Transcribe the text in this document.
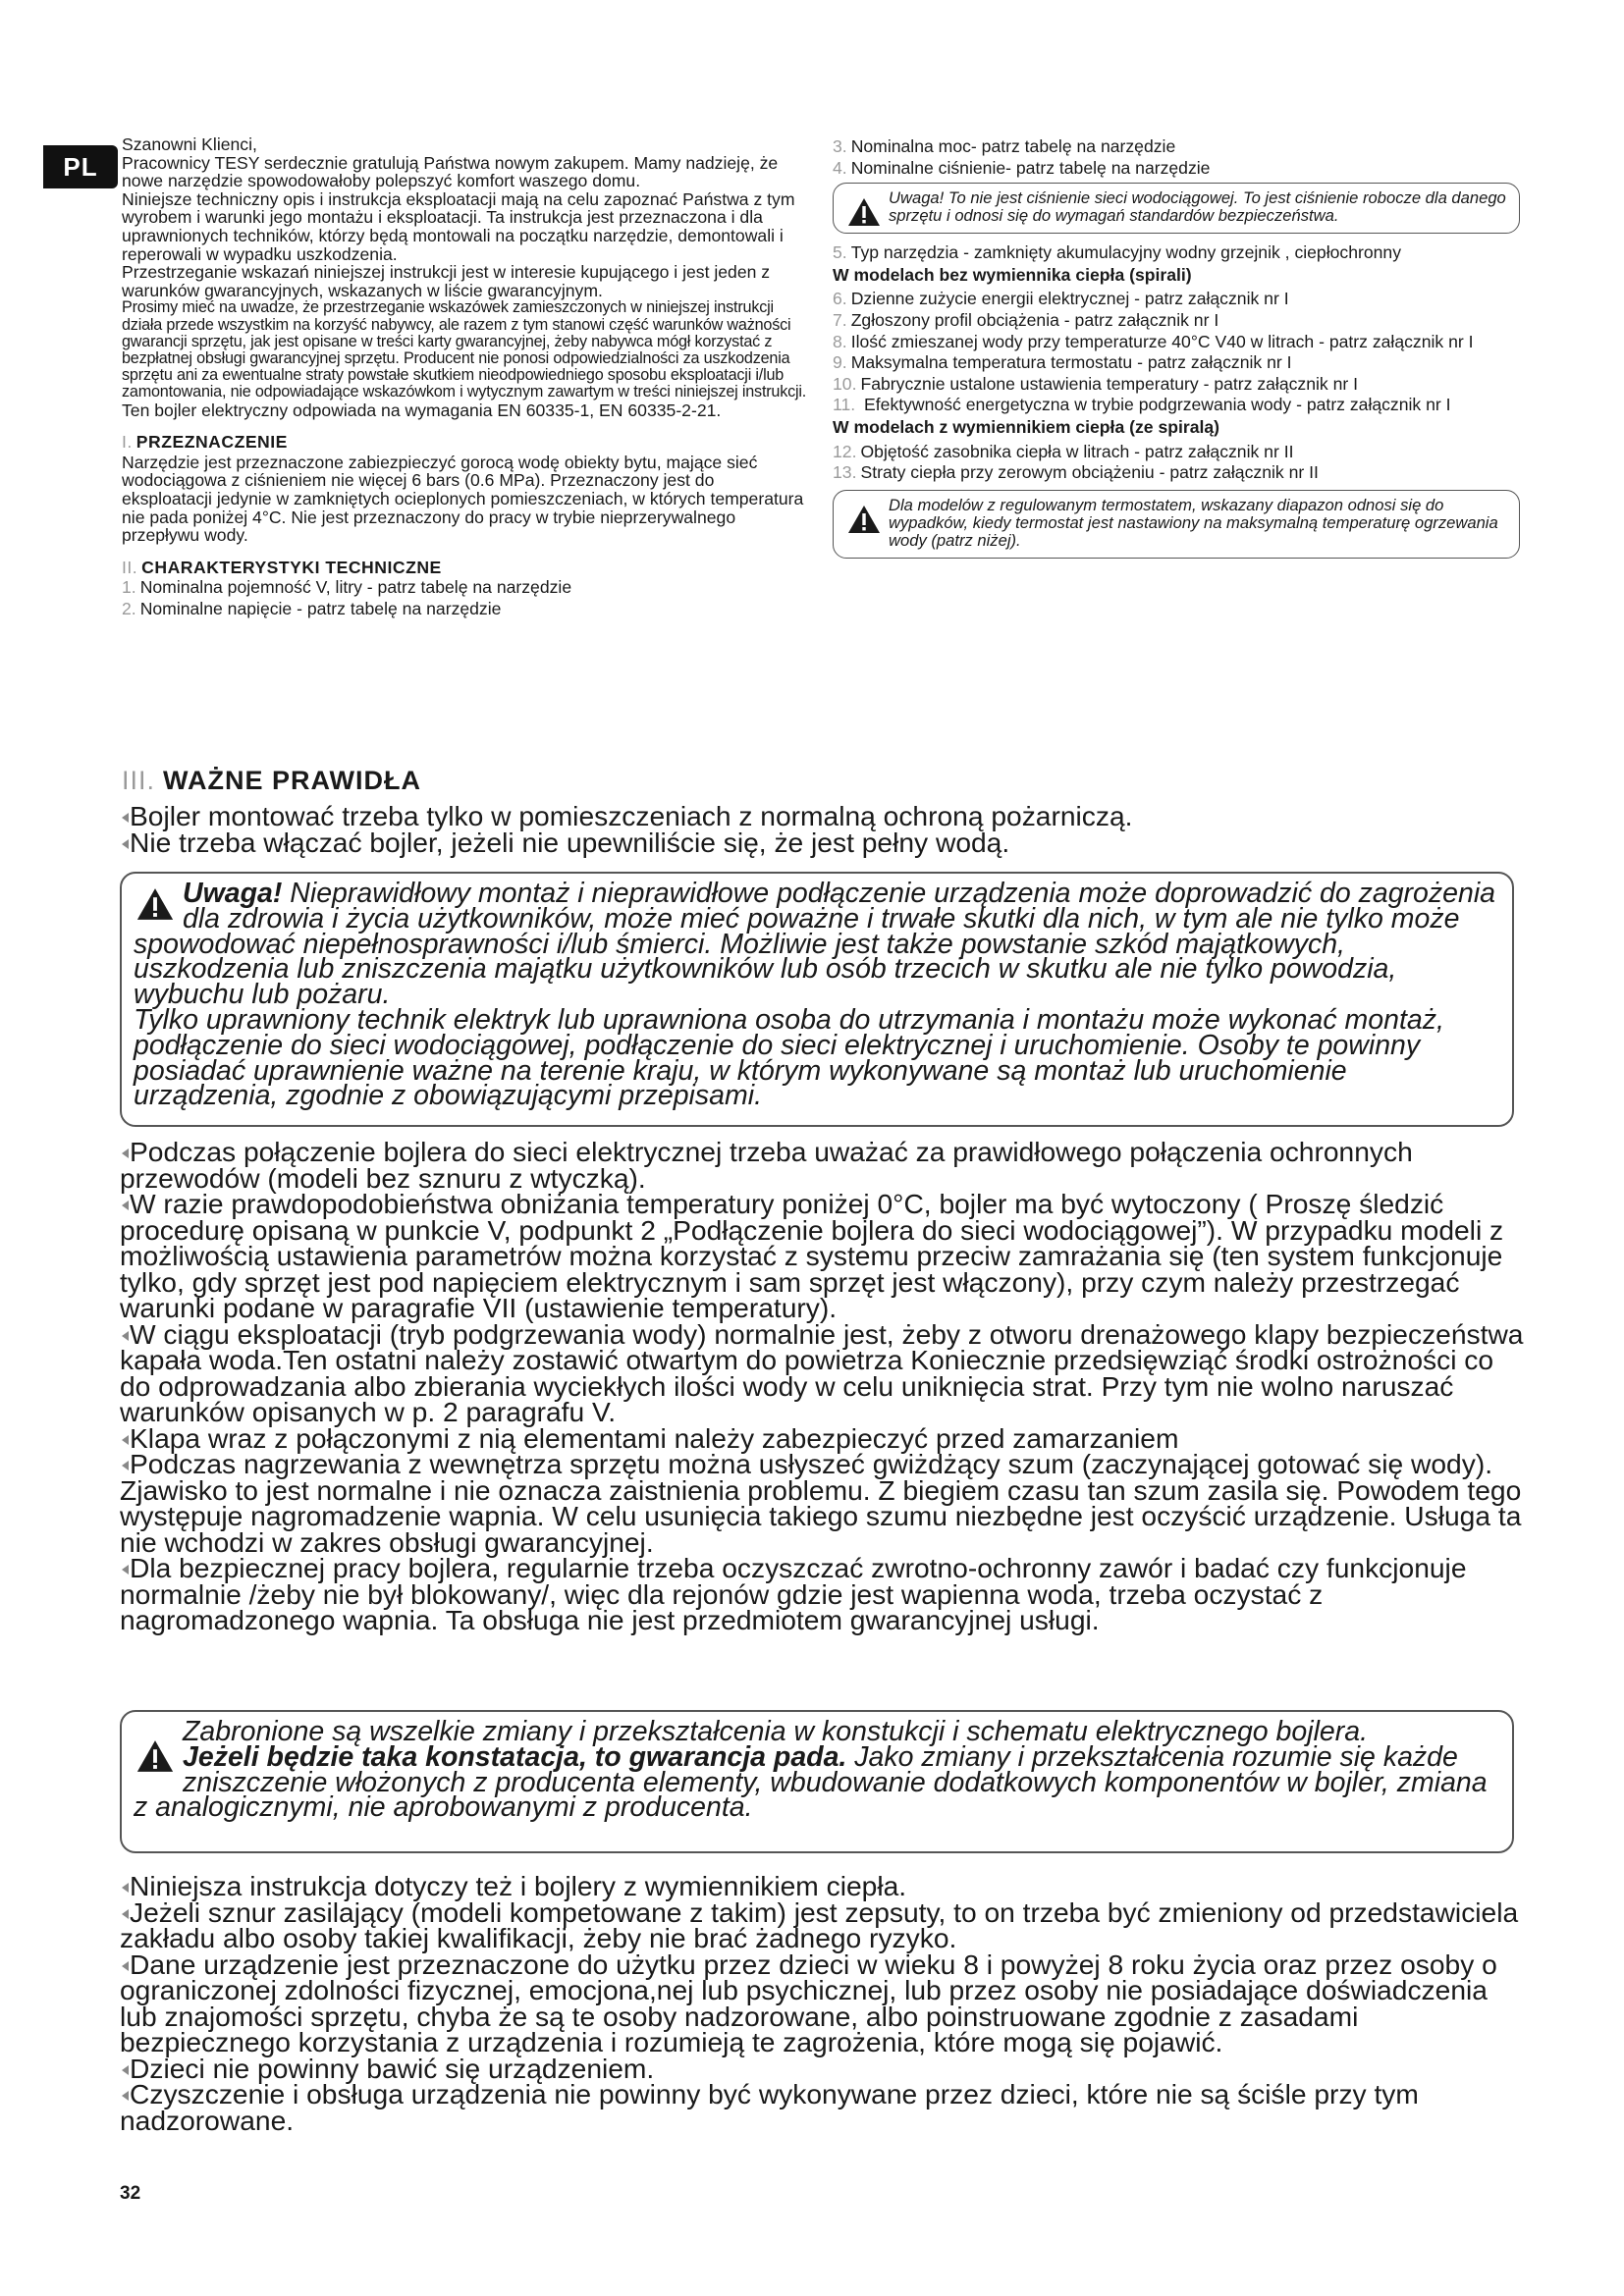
PL

Szanowni Klienci,

Pracownicy TESY serdecznie gratulują Państwa nowym zakupem. Mamy nadzieję, że nowe narzędzie spowodowałoby polepszyć komfort waszego domu.

Niniejsze techniczny opis i instrukcja eksploatacji mają na celu zapoznać Państwa z tym wyrobem i warunki jego montażu i eksploatacji. Ta instrukcja jest przeznaczona i dla uprawnionych techników, którzy będą montowali na początku narzędzie, demontowali i reperowali w wypadku uszkodzenia.

Przestrzeganie wskazań niniejszej instrukcji jest w interesie kupującego i jest jeden z warunków gwarancyjnych, wskazanych w liście gwarancyjnym.

Prosimy mieć na uwadze, że przestrzeganie wskazówek zamieszczonych w niniejszej instrukcji działa przede wszystkim na korzyść nabywcy, ale razem z tym stanowi część warunków ważności gwarancji sprzętu, jak jest opisane w treści karty gwarancyjnej, żeby nabywca mógł korzystać z bezpłatnej obsługi gwarancyjnej sprzętu. Producent nie ponosi odpowiedzialności za uszkodzenia sprzętu ani za ewentualne straty powstałe skutkiem nieodpowiedniego sposobu eksploatacji i/lub zamontowania, nie odpowiadające wskazówkom i wytycznym zawartym w treści niniejszej instrukcji.

Ten bojler elektryczny odpowiada na wymagania EN 60335-1, EN 60335-2-21.

I. PRZEZNACZENIE

Narzędzie jest przeznaczone zabiezpieczyć gorocą wodę obiekty bytu, mające sieć wodociągowa z ciśnieniem nie więcej 6 bars (0.6 MPa). Przeznaczony jest do eksploatacji jedynie w zamkniętych ocieplonych pomieszczeniach, w których temperatura nie pada poniżej 4°C. Nie jest przeznaczony do pracy w trybie nieprzerywalnego przepływu wody.

II. CHARAKTERYSTYKI TECHNICZNE
1. Nominalna pojemność V, litry - patrz tabelę na narzędzie
2. Nominalne napięcie - patrz tabelę na narzędzie
3. Nominalna moc- patrz tabelę na narzędzie
4. Nominalne ciśnienie- patrz tabelę na narzędzie
Uwaga! To nie jest ciśnienie sieci wodociągowej. To jest ciśnienie robocze dla danego sprzętu i odnosi się do wymagań standardów bezpieczeństwa.
5. Typ narzędzia - zamknięty akumulacyjny wodny grzejnik , ciepłochronny
W modelach bez wymiennika ciepła (spirali)
6. Dzienne zużycie energii elektrycznej - patrz załącznik nr I
7. Zgłoszony profil obciążenia - patrz załącznik nr I
8. Ilość zmieszanej wody przy temperaturze 40°C V40 w litrach - patrz załącznik nr I
9. Maksymalna temperatura termostatu - patrz załącznik nr I
10. Fabrycznie ustalone ustawienia temperatury - patrz załącznik nr I
11. Efektywność energetyczna w trybie podgrzewania wody - patrz załącznik nr I
W modelach z wymiennikiem ciepła (ze spiralą)
12. Objętość zasobnika ciepła w litrach - patrz załącznik nr II
13. Straty ciepła przy zerowym obciążeniu - patrz załącznik nr II
Dla modelów z regulowanym termostatem, wskazany diapazon odnosi się do wypadków, kiedy termostat jest nastawiony na maksymalną temperaturę ogrzewania wody (patrz niżej).
III. WAŻNE PRAWIDŁA

Bojler montować trzeba tylko w pomieszczeniach z normalną ochroną pożarniczą.

Nie trzeba włączać bojler, jeżeli nie upewniliście się, że jest pełny wodą.

Uwaga! Nieprawidłowy montaż i nieprawidłowe podłączenie urządzenia może doprowadzić do zagrożenia dla zdrowia i życia użytkowników, może mieć poważne i trwałe skutki dla nich, w tym ale nie tylko może spowodować niepełnosprawności i/lub śmierci. Możliwie jest także powstanie szkód majątkowych, uszkodzenia lub zniszczenia majątku użytkowników lub osób trzecich w skutku ale nie tylko powodzia, wybuchu lub pożaru.
Tylko uprawniony technik elektryk lub uprawniona osoba do utrzymania i montażu może wykonać montaż, podłączenie do sieci wodociągowej, podłączenie do sieci elektrycznej i uruchomienie. Osoby te powinny posiadać uprawnienie ważne na terenie kraju, w którym wykonywane są montaż lub uruchomienie urządzenia, zgodnie z obowiązującymi przepisami.

Podczas połączenie bojlera do sieci elektrycznej trzeba uważać za prawidłowego połączenia ochronnych przewodów (modeli bez sznuru z wtyczką).

W razie prawdopodobieństwa obniżania temperatury poniżej 0°C, bojler ma być wytoczony ( Proszę śledzić procedurę opisaną w punkcie V, podpunkt 2 „Podłączenie bojlera do sieci wodociągowej”). W przypadku modeli z możliwością ustawienia parametrów można korzystać z systemu przeciw zamrażania się (ten system funkcjonuje tylko, gdy sprzęt jest pod napięciem elektrycznym i sam sprzęt jest włączony), przy czym należy przestrzegać warunki podane w paragrafie VII (ustawienie temperatury).

W ciągu eksploatacji (tryb podgrzewania wody) normalnie jest, żeby z otworu drenażowego klapy bezpieczeństwa kapała woda.Ten ostatni należy zostawić otwartym do powietrza Koniecznie przedsięwziąć środki ostrożności co do odprowadzania albo zbierania wyciekłych ilości wody w celu uniknięcia strat. Przy tym nie wolno naruszać warunków opisanych w p. 2 paragrafu V.

Klapa wraz z połączonymi z nią elementami należy zabezpieczyć przed zamarzaniem

Podczas nagrzewania z wewnętrza sprzętu można usłyszeć gwiżdżący szum (zaczynającej gotować się wody). Zjawisko to jest normalne i nie oznacza zaistnienia problemu. Z biegiem czasu tan szum zasila się. Powodem tego występuje nagromadzenie wapnia. W celu usunięcia takiego szumu niezbędne jest oczyścić urządzenie. Usługa ta nie wchodzi w zakres obsługi gwarancyjnej.

Dla bezpiecznej pracy bojlera, regularnie trzeba oczyszczać zwrotno-ochronny zawór i badać czy funkcjonuje normalnie /żeby nie był blokowany/, więc dla rejonów gdzie jest wapienna woda, trzeba oczystać z nagromadzonego wapnia. Ta obsługa nie jest przedmiotem gwarancyjnej usługi.

Zabronione są wszelkie zmiany i przekształcenia w konstukcji i schematu elektrycznego bojlera.
Jeżeli będzie taka konstatacja, to gwarancja pada. Jako zmiany i przekształcenia rozumie się każde zniszczenie włożonych z producenta elementy, wbudowanie dodatkowych komponentów w bojler, zmiana z analogicznymi, nie aprobowanymi z producenta.

Niniejsza instrukcja dotyczy też i bojlery z wymiennikiem ciepła.

Jeżeli sznur zasilający (modeli kompetowane z takim) jest zepsuty, to on trzeba być zmieniony od przedstawiciela zakładu albo osoby takiej kwalifikacji, żeby nie brać żadnego ryzyko.

Dane urządzenie jest przeznaczone do użytku przez dzieci w wieku 8 i powyżej 8 roku życia oraz przez osoby o ograniczonej zdolności fizycznej, emocjona,nej lub psychicznej, lub przez osoby nie posiadające doświadczenia lub znajomości sprzętu, chyba że są te osoby nadzorowane, albo poinstruowane zgodnie z zasadami bezpiecznego korzystania z urządzenia i rozumieją te zagrożenia, które mogą się pojawić.

Dzieci nie powinny bawić się urządzeniem.

Czyszczenie i obsługa urządzenia nie powinny być wykonywane przez dzieci, które nie są ściśle przy tym nadzorowane.

32
